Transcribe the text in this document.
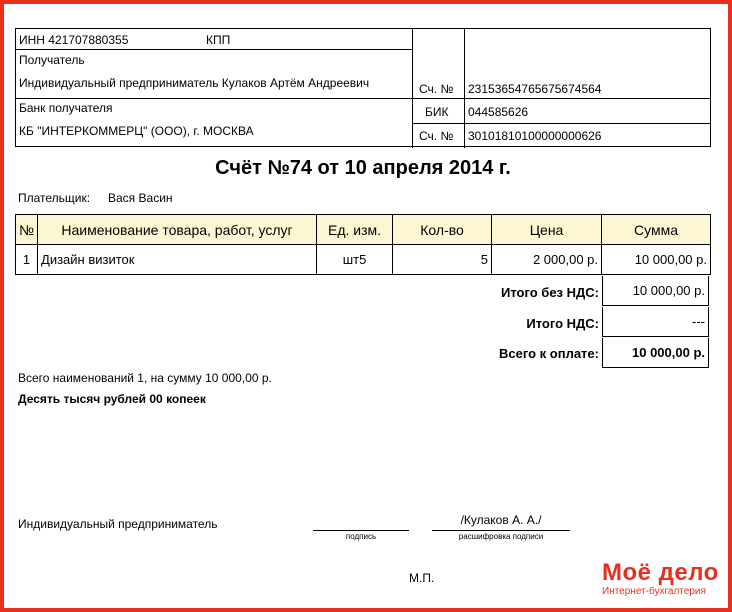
ИНН 421707880355	КПП
Получатель
Индивидуальный предприниматель Кулаков Артём Андреевич
Банк получателя
КБ "ИНТЕРКОММЕРЦ" (ООО), г. МОСКВА
Сч. № 23153654765675674564
БИК 044585626
Сч. № 30101810100000000626
Счёт №74 от 10 апреля 2014 г.
Плательщик: Вася Васин
№	Наименование товара, работ, услуг	Ед. изм.	Кол-во	Цена	Сумма
1	Дизайн визиток	шт5	5	2 000,00 р.	10 000,00 р.
Итого без НДС:	10 000,00 р.
Итого НДС:	---
Всего к оплате:	10 000,00 р.
Всего наименований 1, на сумму 10 000,00 р.
Десять тысяч рублей 00 копеек
Индивидуальный предприниматель
подпись
/Кулаков А. А./
расшифровка подписи
М.П.	Моё дело
Интернет-бухгалтерия
